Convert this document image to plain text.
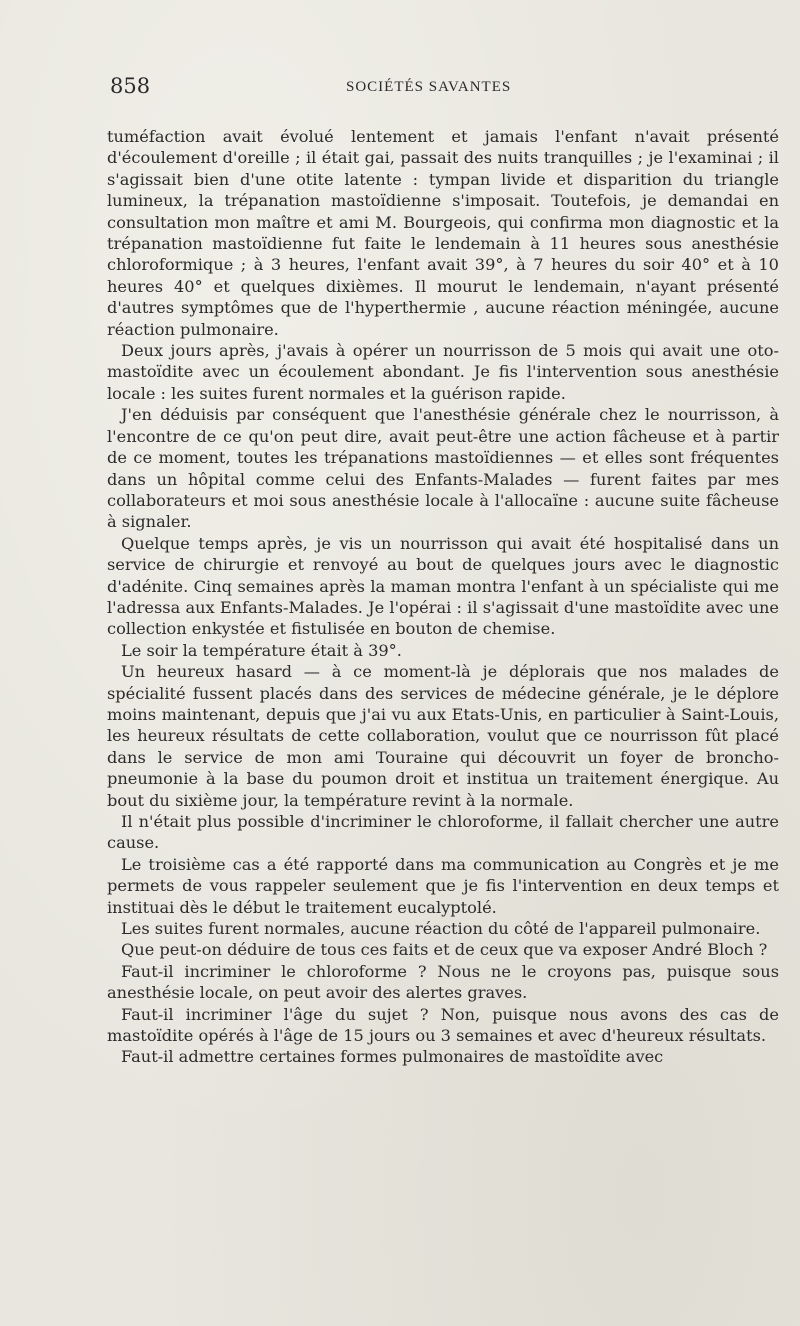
858	SOCIÉTÉS SAVANTES

tuméfaction avait évolué lentement et jamais l'enfant n'avait présenté d'écoulement d'oreille ; il était gai, passait des nuits tranquilles ; je l'examinai ; il s'agissait bien d'une otite latente : tympan livide et disparition du triangle lumineux, la trépanation mastoïdienne s'imposait. Toutefois, je demandai en consultation mon maître et ami M. Bourgeois, qui confirma mon diagnostic et la trépanation mastoïdienne fut faite le lendemain à 11 heures sous anesthésie chloroformique ; à 3 heures, l'enfant avait 39°, à 7 heures du soir 40° et à 10 heures 40° et quelques dixièmes. Il mourut le lendemain, n'ayant présenté d'autres symptômes que de l'hyperthermie , aucune réaction méningée, aucune réaction pulmonaire.

Deux jours après, j'avais à opérer un nourrisson de 5 mois qui avait une oto-mastoïdite avec un écoulement abondant. Je fis l'intervention sous anesthésie locale : les suites furent normales et la guérison rapide.

J'en déduisis par conséquent que l'anesthésie générale chez le nourrisson, à l'encontre de ce qu'on peut dire, avait peut-être une action fâcheuse et à partir de ce moment, toutes les trépanations mastoïdiennes — et elles sont fréquentes dans un hôpital comme celui des Enfants-Malades — furent faites par mes collaborateurs et moi sous anesthésie locale à l'allocaïne : aucune suite fâcheuse à signaler.

Quelque temps après, je vis un nourrisson qui avait été hospitalisé dans un service de chirurgie et renvoyé au bout de quelques jours avec le diagnostic d'adénite. Cinq semaines après la maman montra l'enfant à un spécialiste qui me l'adressa aux Enfants-Malades. Je l'opérai : il s'agissait d'une mastoïdite avec une collection enkystée et fistulisée en bouton de chemise.

Le soir la température était à 39°.

Un heureux hasard — à ce moment-là je déplorais que nos malades de spécialité fussent placés dans des services de médecine générale, je le déplore moins maintenant, depuis que j'ai vu aux Etats-Unis, en particulier à Saint-Louis, les heureux résultats de cette collaboration, voulut que ce nourrisson fût placé dans le service de mon ami Touraine qui découvrit un foyer de broncho-pneumonie à la base du poumon droit et institua un traitement énergique. Au bout du sixième jour, la température revint à la normale.

Il n'était plus possible d'incriminer le chloroforme, il fallait chercher une autre cause.

Le troisième cas a été rapporté dans ma communication au Congrès et je me permets de vous rappeler seulement que je fis l'intervention en deux temps et instituai dès le début le traitement eucalyptolé.

Les suites furent normales, aucune réaction du côté de l'appareil pulmonaire.

Que peut-on déduire de tous ces faits et de ceux que va exposer André Bloch ?

Faut-il incriminer le chloroforme ? Nous ne le croyons pas, puisque sous anesthésie locale, on peut avoir des alertes graves.

Faut-il incriminer l'âge du sujet ? Non, puisque nous avons des cas de mastoïdite opérés à l'âge de 15 jours ou 3 semaines et avec d'heureux résultats.

Faut-il admettre certaines formes pulmonaires de mastoïdite avec
